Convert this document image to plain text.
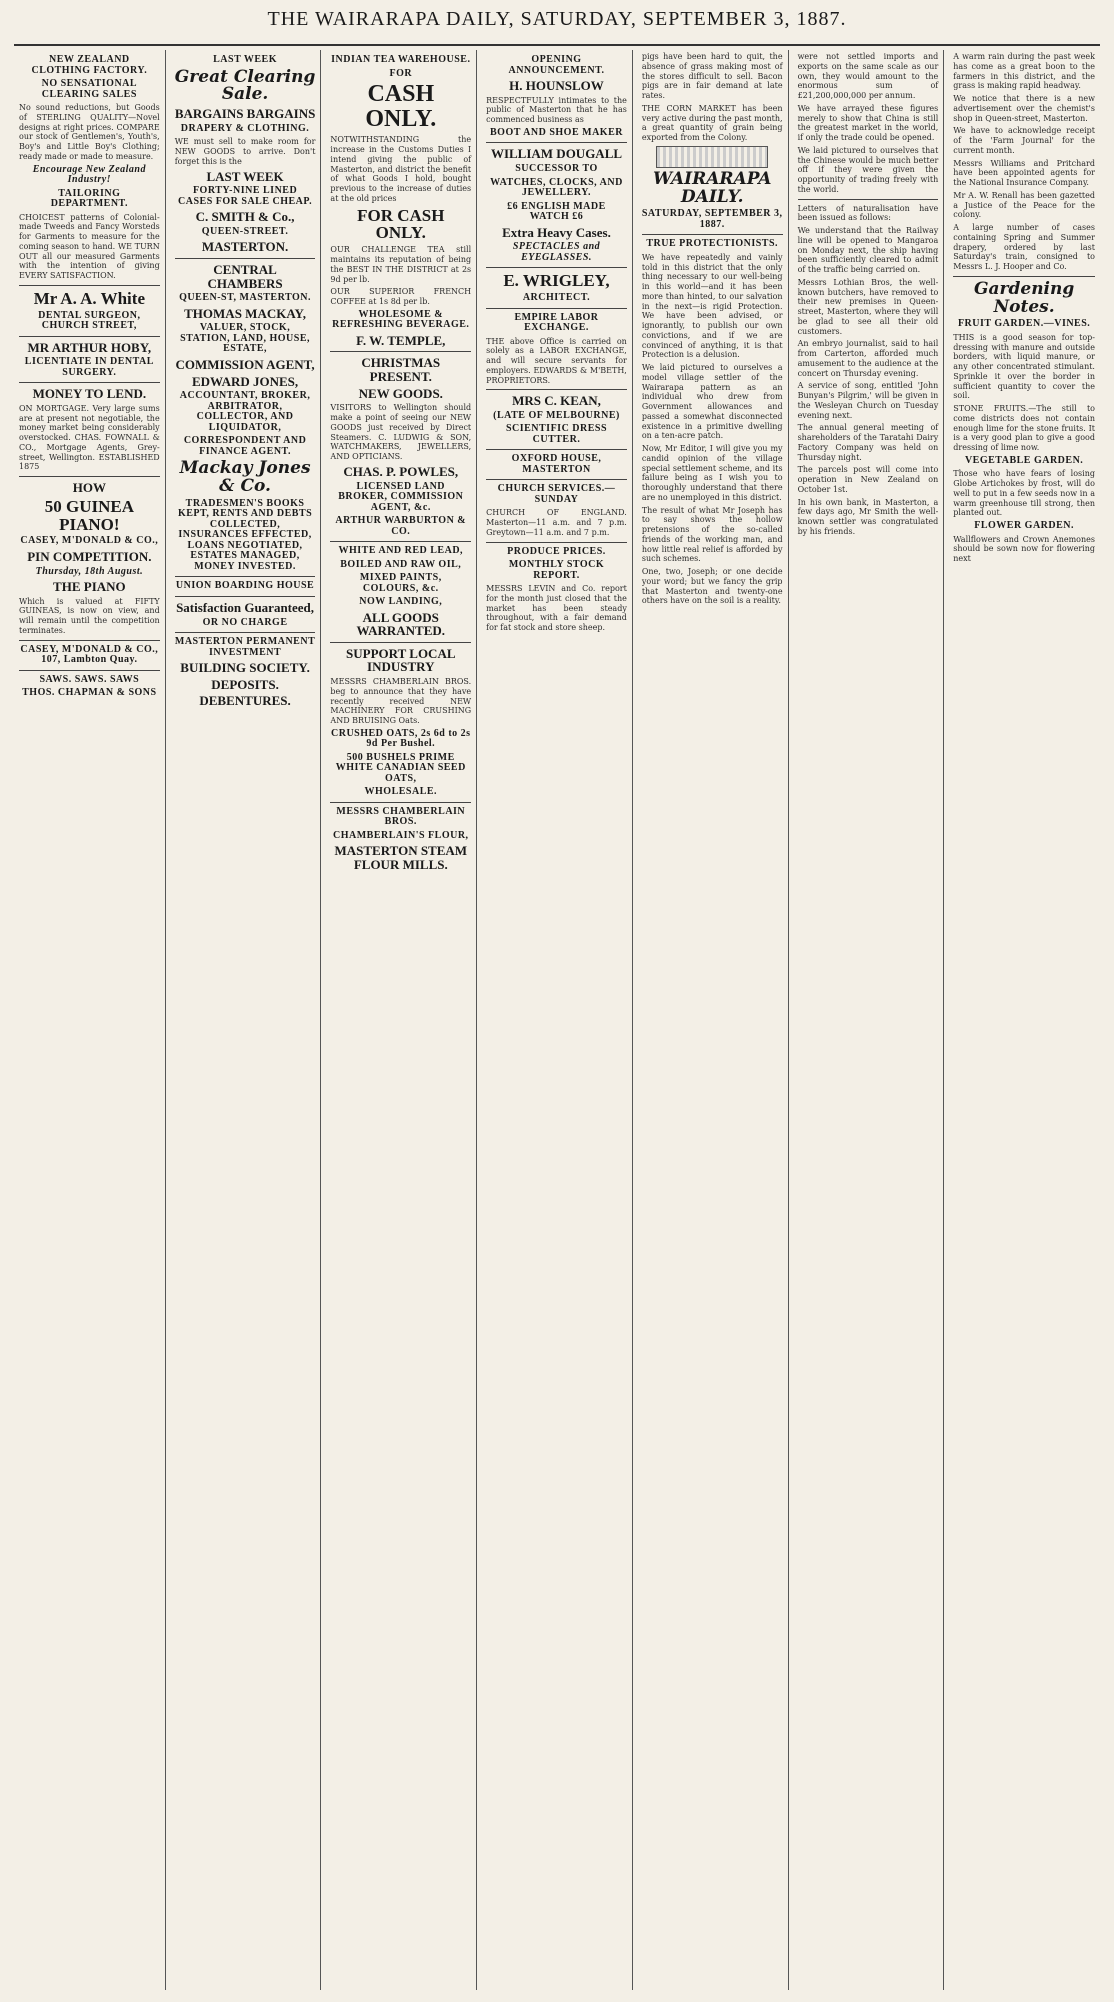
THE WAIRARAPA DAILY, SATURDAY, SEPTEMBER 3, 1887.
NEW ZEALAND CLOTHING FACTORY.
NO SENSATIONAL CLEARING SALES
No sound reductions, but Goods of STERLING QUALITY—Novel designs at right prices. COMPARE our stock of Gentlemen's, Youth's, Boy's and Little Boy's Clothing; ready made or made to measure.
Encourage New Zealand Industry!
TAILORING DEPARTMENT.
CHOICEST patterns of Colonial-made Tweeds and Fancy Worsteds for Garments to measure for the coming season to hand. WE TURN OUT all our measured Garments with the intention of giving EVERY SATISFACTION.
Mr A. A. White
DENTAL SURGEON, CHURCH STREET,
MR ARTHUR HOBY,
LICENTIATE IN DENTAL SURGERY.
MONEY TO LEND.
ON MORTGAGE. Very large sums are at present not negotiable, the money market being considerably overstocked. CHAS. FOWNALL & CO., Mortgage Agents, Grey-street, Wellington. ESTABLISHED 1875
HOW
50 GUINEA PIANO!
CASEY, M'DONALD & CO.,
PIN COMPETITION.
Thursday, 18th August.
THE PIANO
Which is valued at FIFTY GUINEAS, is now on view, and will remain until the competition terminates.
CASEY, M'DONALD & CO., 107, Lambton Quay.
SAWS. SAWS. SAWS
THOS. CHAPMAN & SONS
LAST WEEK
Great Clearing Sale.
BARGAINS BARGAINS
DRAPERY & CLOTHING.
WE must sell to make room for NEW GOODS to arrive. Don't forget this is the
LAST WEEK
FORTY-NINE LINED CASES FOR SALE CHEAP.
C. SMITH & Co.,
QUEEN-STREET.
MASTERTON.
CENTRAL CHAMBERS
QUEEN-ST, MASTERTON.
THOMAS MACKAY,
VALUER, STOCK, STATION, LAND, HOUSE, ESTATE,
COMMISSION AGENT,
EDWARD JONES,
ACCOUNTANT, BROKER, ARBITRATOR, COLLECTOR, AND LIQUIDATOR,
CORRESPONDENT AND FINANCE AGENT.
Mackay Jones & Co.
TRADESMEN'S BOOKS KEPT, RENTS AND DEBTS COLLECTED, INSURANCES EFFECTED, LOANS NEGOTIATED, ESTATES MANAGED, MONEY INVESTED.
UNION BOARDING HOUSE
Satisfaction Guaranteed,
OR NO CHARGE
MASTERTON PERMANENT INVESTMENT
BUILDING SOCIETY.
DEPOSITS.
DEBENTURES.
INDIAN TEA WAREHOUSE.
FOR
CASH ONLY.
NOTWITHSTANDING the increase in the Customs Duties I intend giving the public of Masterton, and district the benefit of what Goods I hold, bought previous to the increase of duties at the old prices
FOR CASH ONLY.
OUR CHALLENGE TEA still maintains its reputation of being the BEST IN THE DISTRICT at 2s 9d per lb.
OUR SUPERIOR FRENCH COFFEE at 1s 8d per lb.
WHOLESOME & REFRESHING BEVERAGE.
F. W. TEMPLE,
CHRISTMAS PRESENT.
NEW GOODS.
VISITORS to Wellington should make a point of seeing our NEW GOODS just received by Direct Steamers. C. LUDWIG & SON, WATCHMAKERS, JEWELLERS, AND OPTICIANS.
CHAS. P. POWLES,
LICENSED LAND BROKER, COMMISSION AGENT, &c.
ARTHUR WARBURTON & CO.
WHITE AND RED LEAD,
BOILED AND RAW OIL,
MIXED PAINTS, COLOURS, &c.
NOW LANDING,
ALL GOODS WARRANTED.
SUPPORT LOCAL INDUSTRY
MESSRS CHAMBERLAIN BROS. beg to announce that they have recently received NEW MACHINERY FOR CRUSHING AND BRUISING Oats.
CRUSHED OATS, 2s 6d to 2s 9d Per Bushel.
500 BUSHELS PRIME WHITE CANADIAN SEED OATS,
WHOLESALE.
MESSRS CHAMBERLAIN BROS.
CHAMBERLAIN'S FLOUR,
MASTERTON STEAM FLOUR MILLS.
OPENING ANNOUNCEMENT.
H. HOUNSLOW
RESPECTFULLY intimates to the public of Masterton that he has commenced business as
BOOT AND SHOE MAKER
WILLIAM DOUGALL
SUCCESSOR TO
WATCHES, CLOCKS, AND JEWELLERY.
£6 ENGLISH MADE WATCH £6
Extra Heavy Cases.
SPECTACLES and EYEGLASSES.
E. WRIGLEY,
ARCHITECT.
EMPIRE LABOR EXCHANGE.
THE above Office is carried on solely as a LABOR EXCHANGE, and will secure servants for employers. EDWARDS & M'BETH, PROPRIETORS.
MRS C. KEAN,
(LATE OF MELBOURNE)
SCIENTIFIC DRESS CUTTER.
OXFORD HOUSE, MASTERTON
CHURCH SERVICES.—SUNDAY
CHURCH OF ENGLAND. Masterton—11 a.m. and 7 p.m. Greytown—11 a.m. and 7 p.m.
PRODUCE PRICES.
MONTHLY STOCK REPORT.
MESSRS LEVIN and Co. report for the month just closed that the market has been steady throughout, with a fair demand for fat stock and store sheep.
pigs have been hard to quit, the absence of grass making most of the stores difficult to sell. Bacon pigs are in fair demand at late rates.
THE CORN MARKET has been very active during the past month, a great quantity of grain being exported from the Colony.
WAIRARAPA DAILY.
SATURDAY, SEPTEMBER 3, 1887.
TRUE PROTECTIONISTS.
We have repeatedly and vainly told in this district that the only thing necessary to our well-being in this world—and it has been more than hinted, to our salvation in the next—is rigid Protection. We have been advised, or ignorantly, to publish our own convictions, and if we are convinced of anything, it is that Protection is a delusion.
We laid pictured to ourselves a model village settler of the Wairarapa pattern as an individual who drew from Government allowances and passed a somewhat disconnected existence in a primitive dwelling on a ten-acre patch.
Now, Mr Editor, I will give you my candid opinion of the village special settlement scheme, and its failure being as I wish you to thoroughly understand that there are no unemployed in this district.
The result of what Mr Joseph has to say shows the hollow pretensions of the so-called friends of the working man, and how little real relief is afforded by such schemes.
One, two, Joseph; or one decide your word; but we fancy the grip that Masterton and twenty-one others have on the soil is a reality.
were not settled imports and exports on the same scale as our own, they would amount to the enormous sum of £21,200,000,000 per annum.
We have arrayed these figures merely to show that China is still the greatest market in the world, if only the trade could be opened.
We laid pictured to ourselves that the Chinese would be much better off if they were given the opportunity of trading freely with the world.
Letters of naturalisation have been issued as follows:
We understand that the Railway line will be opened to Mangaroa on Monday next, the ship having been sufficiently cleared to admit of the traffic being carried on.
Messrs Lothian Bros, the well-known butchers, have removed to their new premises in Queen-street, Masterton, where they will be glad to see all their old customers.
An embryo journalist, said to hail from Carterton, afforded much amusement to the audience at the concert on Thursday evening.
A service of song, entitled 'John Bunyan's Pilgrim,' will be given in the Wesleyan Church on Tuesday evening next.
The annual general meeting of shareholders of the Taratahi Dairy Factory Company was held on Thursday night.
The parcels post will come into operation in New Zealand on October 1st.
In his own bank, in Masterton, a few days ago, Mr Smith the well-known settler was congratulated by his friends.
A warm rain during the past week has come as a great boon to the farmers in this district, and the grass is making rapid headway.
We notice that there is a new advertisement over the chemist's shop in Queen-street, Masterton.
We have to acknowledge receipt of the 'Farm Journal' for the current month.
Messrs Williams and Pritchard have been appointed agents for the National Insurance Company.
Mr A. W. Renall has been gazetted a Justice of the Peace for the colony.
A large number of cases containing Spring and Summer drapery, ordered by last Saturday's train, consigned to Messrs L. J. Hooper and Co.
Gardening Notes.
FRUIT GARDEN.—VINES.
THIS is a good season for top-dressing with manure and outside borders, with liquid manure, or any other concentrated stimulant. Sprinkle it over the border in sufficient quantity to cover the soil.
STONE FRUITS.—The still to come districts does not contain enough lime for the stone fruits. It is a very good plan to give a good dressing of lime now.
VEGETABLE GARDEN.
Those who have fears of losing Globe Artichokes by frost, will do well to put in a few seeds now in a warm greenhouse till strong, then planted out.
FLOWER GARDEN.
Wallflowers and Crown Anemones should be sown now for flowering next
